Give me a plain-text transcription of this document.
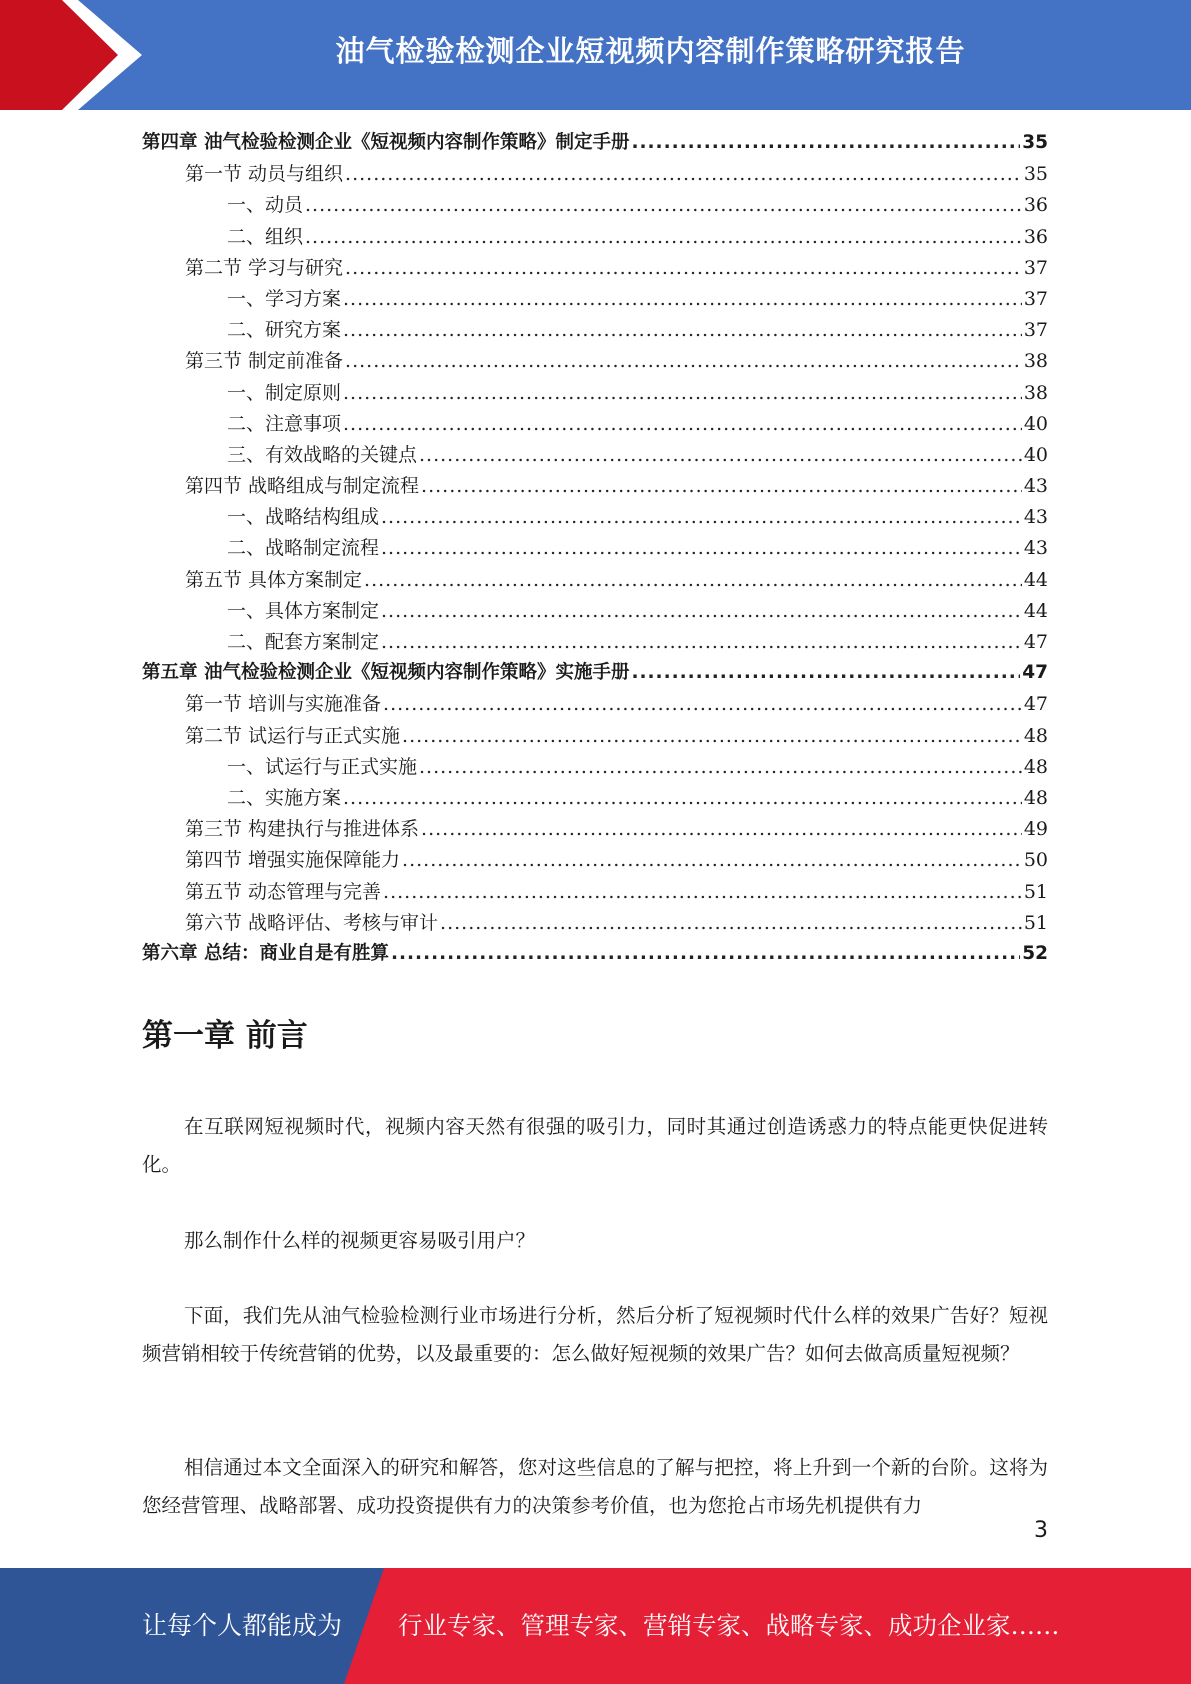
油气检验检测企业短视频内容制作策略研究报告
第四章 油气检验检测企业《短视频内容制作策略》制定手册 .....	35
第一节 动员与组织 .....	35
一、动员 .....	36
二、组织 .....	36
第二节 学习与研究 .....	37
一、学习方案 .....	37
二、研究方案 .....	37
第三节 制定前准备 .....	38
一、制定原则 .....	38
二、注意事项 .....	40
三、有效战略的关键点 .....	40
第四节 战略组成与制定流程 .....	43
一、战略结构组成 .....	43
二、战略制定流程 .....	43
第五节 具体方案制定 .....	44
一、具体方案制定 .....	44
二、配套方案制定 .....	47
第五章 油气检验检测企业《短视频内容制作策略》实施手册 .....	47
第一节 培训与实施准备 .....	47
第二节 试运行与正式实施 .....	48
一、试运行与正式实施 .....	48
二、实施方案 .....	48
第三节 构建执行与推进体系 .....	49
第四节 增强实施保障能力 .....	50
第五节 动态管理与完善 .....	51
第六节 战略评估、考核与审计 .....	51
第六章 总结：商业自是有胜算 .....	52
第一章 前言

在互联网短视频时代，视频内容天然有很强的吸引力，同时其通过创造诱惑力的特点能更快促进转化。

那么制作什么样的视频更容易吸引用户？

下面，我们先从油气检验检测行业市场进行分析，然后分析了短视频时代什么样的效果广告好？短视频营销相较于传统营销的优势，以及最重要的：怎么做好短视频的效果广告？如何去做高质量短视频？

相信通过本文全面深入的研究和解答，您对这些信息的了解与把控，将上升到一个新的台阶。这将为您经营管理、战略部署、成功投资提供有力的决策参考价值，也为您抢占市场先机提供有力

3
让每个人都能成为 行业专家、管理专家、营销专家、战略专家、成功企业家……
